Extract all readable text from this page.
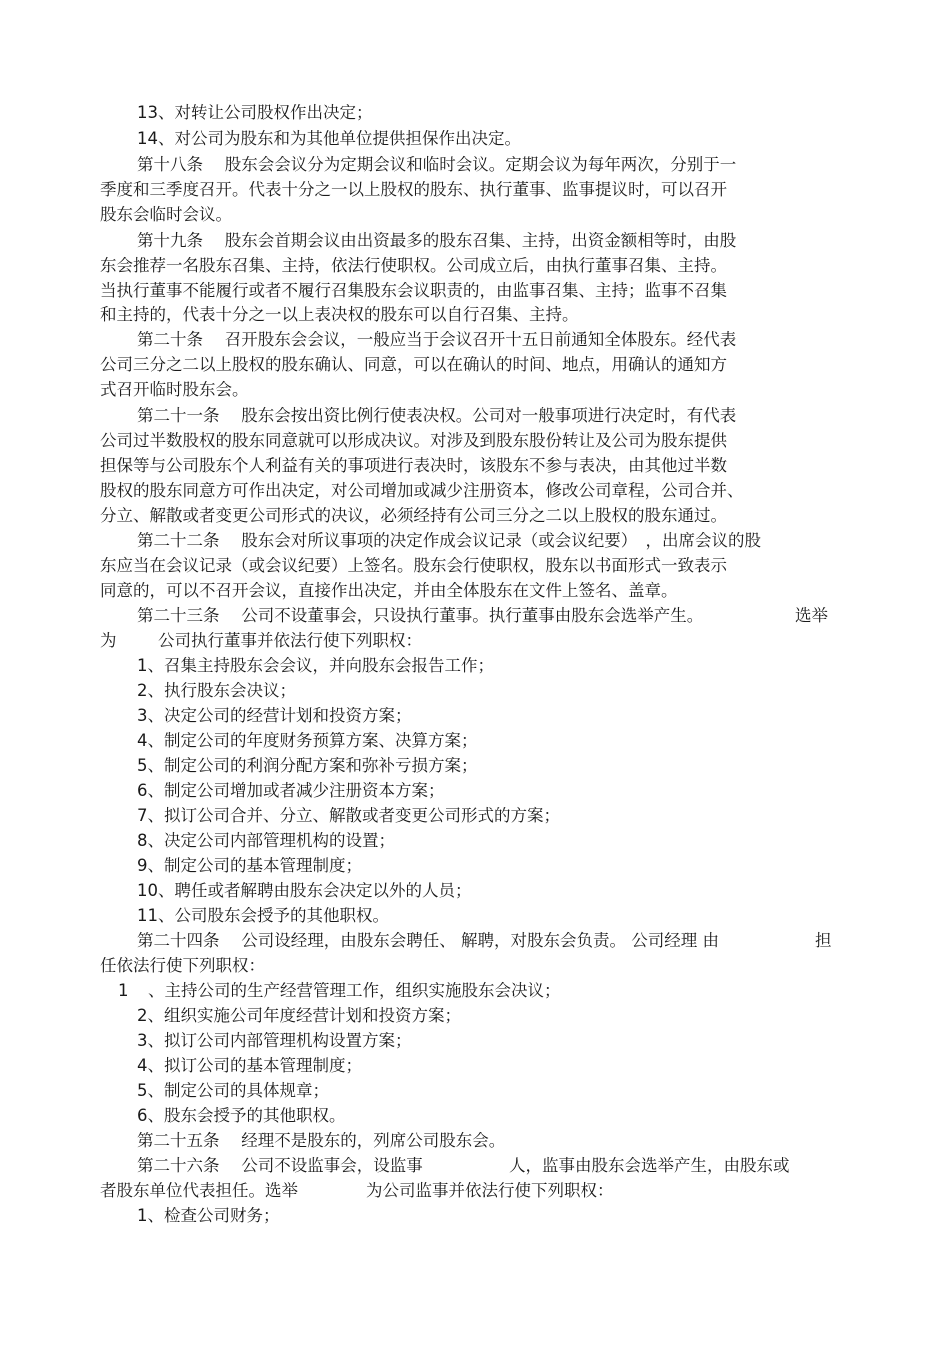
13、对转让公司股权作出决定；
14、对公司为股东和为其他单位提供担保作出决定。
第十八条　 股东会会议分为定期会议和临时会议。定期会议为每年两次，分别于一
季度和三季度召开。代表十分之一以上股权的股东、执行董事、监事提议时，可以召开
股东会临时会议。
第十九条　 股东会首期会议由出资最多的股东召集、主持，出资金额相等时，由股
东会推荐一名股东召集、主持，依法行使职权。公司成立后，由执行董事召集、主持。
当执行董事不能履行或者不履行召集股东会议职责的，由监事召集、主持；监事不召集
和主持的，代表十分之一以上表决权的股东可以自行召集、主持。
第二十条　 召开股东会会议，一般应当于会议召开十五日前通知全体股东。经代表
公司三分之二以上股权的股东确认、同意，可以在确认的时间、地点，用确认的通知方
式召开临时股东会。
第二十一条　 股东会按出资比例行使表决权。公司对一般事项进行决定时，有代表
公司过半数股权的股东同意就可以形成决议。对涉及到股东股份转让及公司为股东提供
担保等与公司股东个人利益有关的事项进行表决时，该股东不参与表决，由其他过半数
股权的股东同意方可作出决定，对公司增加或减少注册资本，修改公司章程，公司合并、
分立、解散或者变更公司形式的决议，必须经持有公司三分之二以上股权的股东通过。
第二十二条　 股东会对所议事项的决定作成会议记录（或会议纪要）　，出席会议的股
东应当在会议记录（或会议纪要）上签名。股东会行使职权，股东以书面形式一致表示
同意的，可以不召开会议，直接作出决定，并由全体股东在文件上签名、盖章。
第二十三条　 公司不设董事会，只设执行董事。执行董事由股东会选举产生。	选举
为	公司执行董事并依法行使下列职权：
1、召集主持股东会会议，并向股东会报告工作；
2、执行股东会决议；
3、决定公司的经营计划和投资方案；
4、制定公司的年度财务预算方案、决算方案；
5、制定公司的利润分配方案和弥补亏损方案；
6、制定公司增加或者减少注册资本方案；
7、拟订公司合并、分立、解散或者变更公司形式的方案；
8、决定公司内部管理机构的设置；
9、制定公司的基本管理制度；
10、聘任或者解聘由股东会决定以外的人员；
11、公司股东会授予的其他职权。
第二十四条　 公司设经理，由股东会聘任、 解聘，对股东会负责。 公司经理 由	担
任依法行使下列职权：
1 、主持公司的生产经营管理工作，组织实施股东会决议；
2、组织实施公司年度经营计划和投资方案；
3、拟订公司内部管理机构设置方案；
4、拟订公司的基本管理制度；
5、制定公司的具体规章；
6、股东会授予的其他职权。
第二十五条　 经理不是股东的，列席公司股东会。
第二十六条　 公司不设监事会，设监事	人，监事由股东会选举产生，由股东或
者股东单位代表担任。选举	为公司监事并依法行使下列职权：
1、检查公司财务；
